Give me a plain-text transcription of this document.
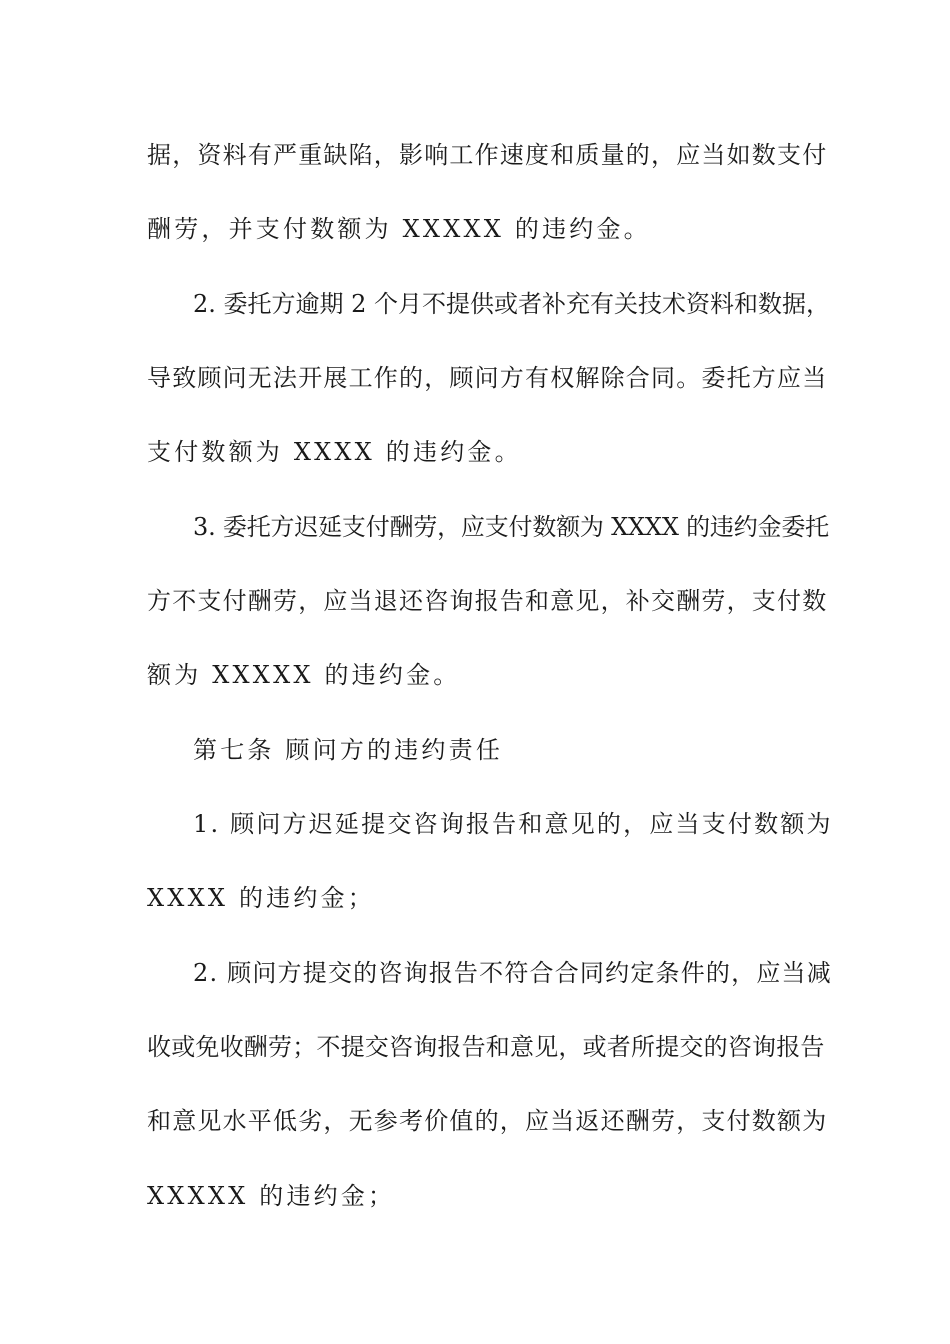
据，资料有严重缺陷，影响工作速度和质量的，应当如数支付
酬劳，并支付数额为 XXXXX 的违约金。
2. 委托方逾期 2 个月不提供或者补充有关技术资料和数据，
导致顾问无法开展工作的，顾问方有权解除合同。委托方应当
支付数额为 XXXX 的违约金。
3. 委托方迟延支付酬劳，应支付数额为 XXXX 的违约金委托
方不支付酬劳，应当退还咨询报告和意见，补交酬劳，支付数
额为 XXXXX 的违约金。
第七条 顾问方的违约责任
1. 顾问方迟延提交咨询报告和意见的，应当支付数额为
XXXX 的违约金；
2. 顾问方提交的咨询报告不符合合同约定条件的，应当减
收或免收酬劳；不提交咨询报告和意见，或者所提交的咨询报告
和意见水平低劣，无参考价值的，应当返还酬劳，支付数额为
XXXXX 的违约金；
